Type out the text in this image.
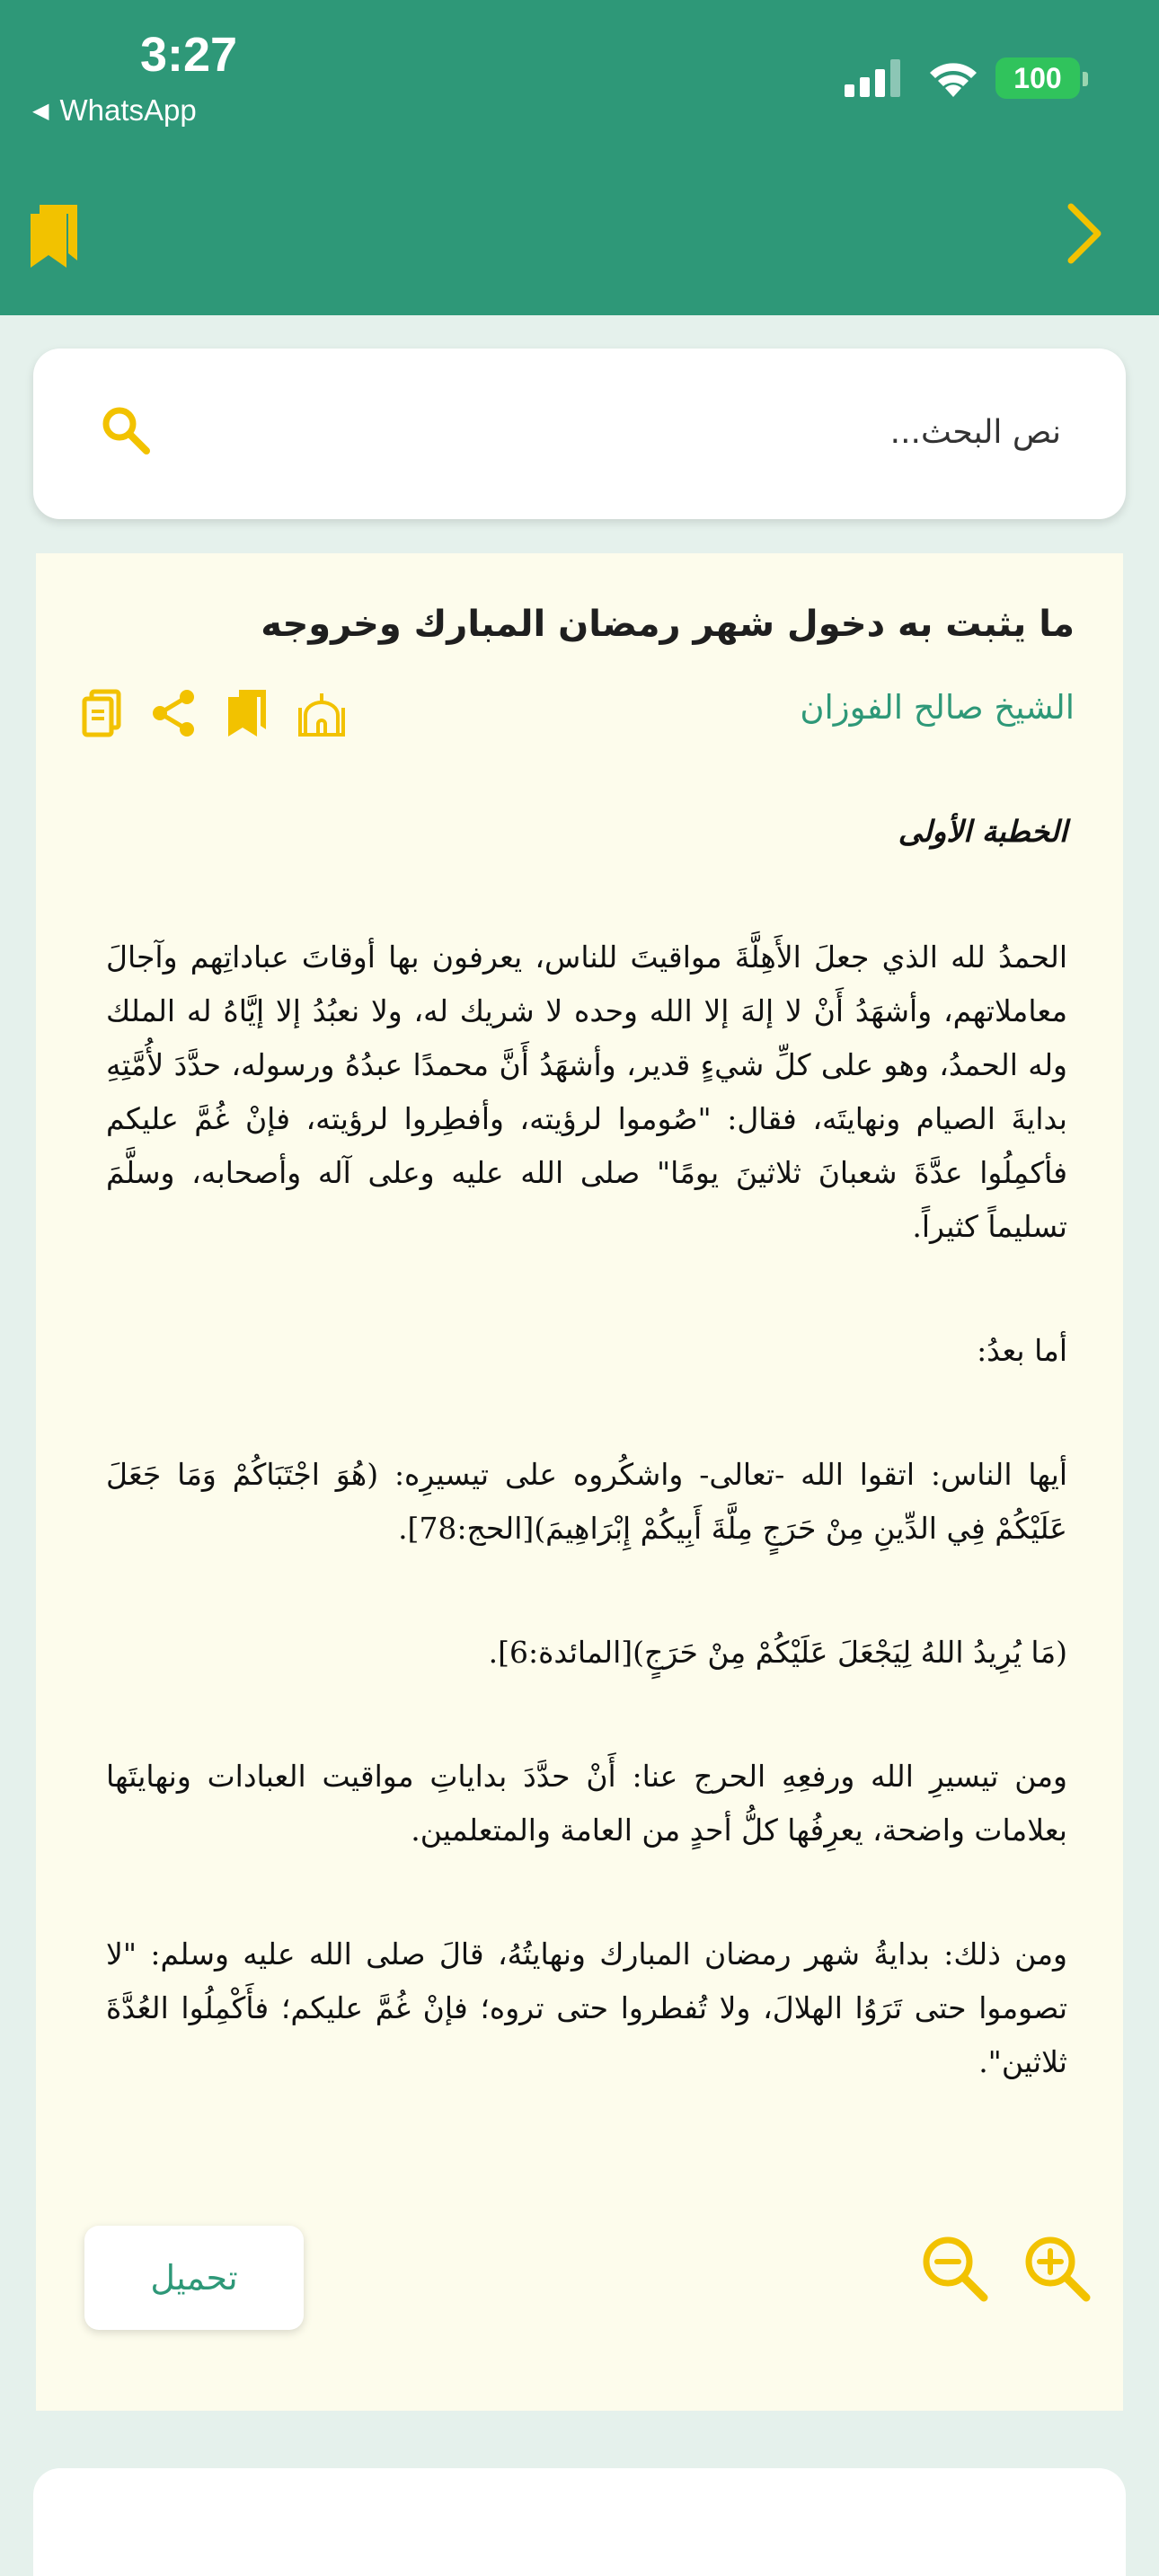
3:27
◀ WhatsApp
100
نص البحث...
ما يثبت به دخول شهر رمضان المبارك وخروجه
الشيخ صالح الفوزان

الخطبة الأولى

الحمدُ لله الذي جعلَ الأَهِلَّةَ مواقيتَ للناس، يعرفون بها أوقاتَ عباداتِهم وآجالَ معاملاتهم، وأشهَدُ أَنْ لا إلهَ إلا الله وحده لا شريك له، ولا نعبُدُ إلا إيَّاهُ له الملك وله الحمدُ، وهو على كلِّ شيءٍ قدير، وأشهَدُ أَنَّ محمدًا عبدُهُ ورسوله، حدَّدَ لأُمَّتِهِ بدايةَ الصيام ونهايتَه، فقال: "صُوموا لرؤيته، وأفطِروا لرؤيته، فإنْ غُمَّ عليكم فأكمِلُوا عدَّةَ شعبانَ ثلاثينَ يومًا" صلى الله عليه وعلى آله وأصحابه، وسلَّمَ تسليماً كثيراً.

أما بعدُ:

أيها الناس: اتقوا الله -تعالى- واشكُروه على تيسيرِه: (هُوَ اجْتَبَاكُمْ وَمَا جَعَلَ عَلَيْكُمْ فِي الدِّينِ مِنْ حَرَجٍ مِلَّةَ أَبِيكُمْ إِبْرَاهِيمَ)[الحج:78].

(مَا يُرِيدُ اللهُ لِيَجْعَلَ عَلَيْكُمْ مِنْ حَرَجٍ)[المائدة:6].

ومن تيسيرِ الله ورفعِهِ الحرج عنا: أَنْ حدَّدَ بداياتِ مواقيت العبادات ونهايتَها بعلامات واضحة، يعرِفُها كلُّ أحدٍ من العامة والمتعلمين.

ومن ذلك: بدايةُ شهر رمضان المبارك ونهايتُهُ، قالَ صلى الله عليه وسلم: "لا تصوموا حتى تَرَوُا الهلالَ، ولا تُفطروا حتى تروه؛ فإنْ غُمَّ عليكم؛ فأَكْمِلُوا العُدَّةَ ثلاثين".

تحميل
